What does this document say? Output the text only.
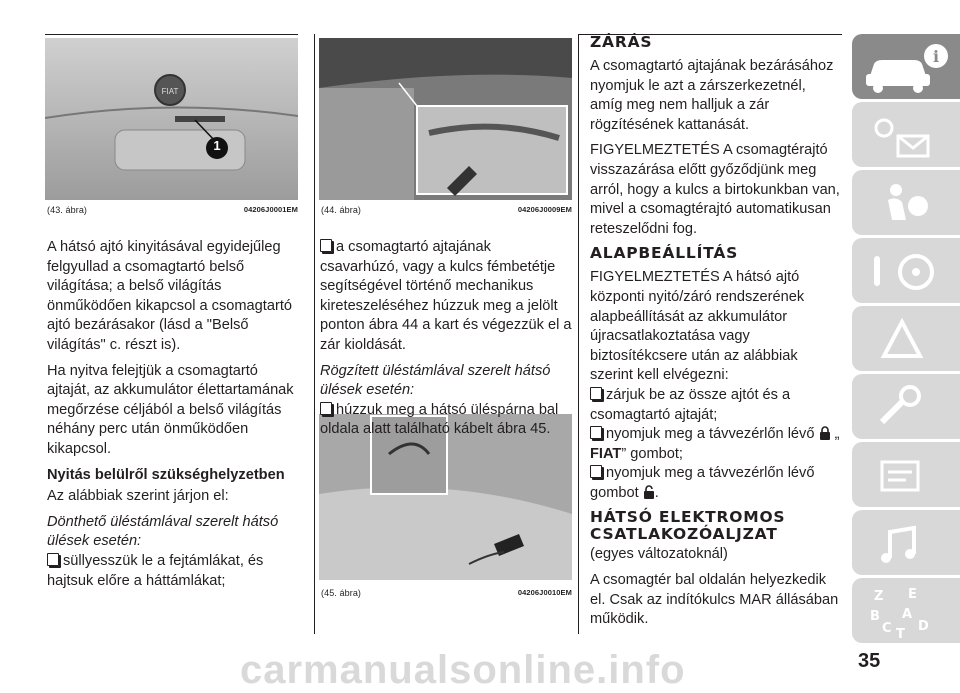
FIAT
1
(43. ábra)	04206J0001EM	(44. ábra)	04206J0009EM
(45. ábra)	04206J0010EM

A hátsó ajtó kinyitásával egyidejűleg felgyullad a csomagtartó belső világítása; a belső világítás önműködően kikapcsol a csomagtartó ajtó bezárásakor (lásd a "Belső világítás" c. részt is).

Ha nyitva felejtjük a csomagtartó ajtaját, az akkumulátor élettartamának megőrzése céljából a belső világítás néhány perc után önműködően kikapcsol.

Nyitás belülről szükséghelyzetben

Az alábbiak szerint járjon el:

Dönthető üléstámlával szerelt hátsó ülések esetén:

süllyesszük le a fejtámlákat, és hajtsuk előre a háttámlákat;

a csomagtartó ajtajának csavarhúzó, vagy a kulcs fémbetétje segítségével történő mechanikus kireteszeléséhez húzzuk meg a jelölt ponton ábra 44 a kart és végezzük el a zár kioldását.

Rögzített üléstámlával szerelt hátsó ülések esetén:

húzzuk meg a hátsó üléspárna bal oldala alatt található kábelt ábra 45.

ZÁRÁS

A csomagtartó ajtajának bezárásához nyomjuk le azt a zárszerkezetnél, amíg meg nem halljuk a zár rögzítésének kattanását.

FIGYELMEZTETÉS A csomagtérajtó visszazárása előtt győződjünk meg arról, hogy a kulcs a birtokunkban van, mivel a csomagtérajtó automatikusan reteszelődni fog.

ALAPBEÁLLÍTÁS

FIGYELMEZTETÉS A hátsó ajtó központi nyitó/záró rendszerének alapbeállítását az akkumulátor újracsatlakoztatása vagy biztosítékcsere után az alábbiak szerint kell elvégezni:

zárjuk be az össze ajtót és a csomagtartó ajtaját;

nyomjuk meg a távvezérlőn lévő „
FIAT” gombot;

nyomjuk meg a távvezérlőn lévő gombot .

HÁTSÓ ELEKTROMOS CSATLAKOZÓALJZAT

(egyes változatoknál)

A csomagtér bal oldalán helyezkedik el. Csak az indítókulcs MAR állásában működik.

i
Z E
B A
C D
T
carmanualsonline.info	35
